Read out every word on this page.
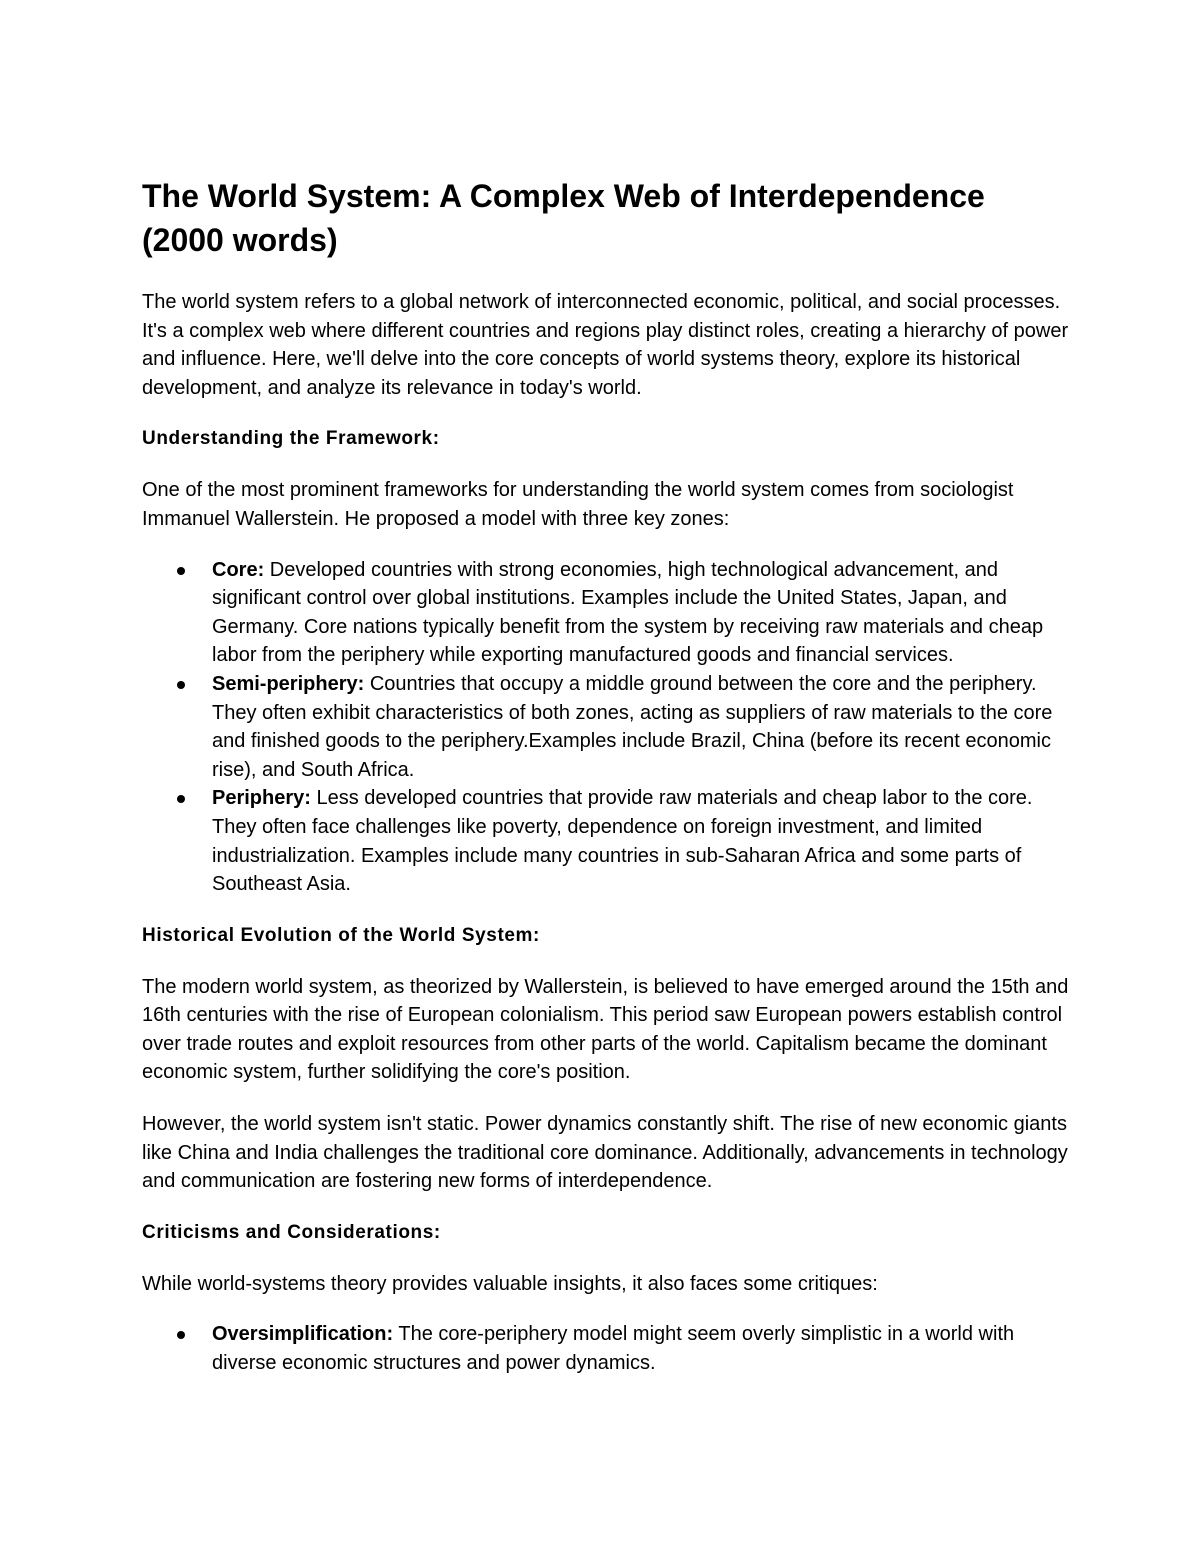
The World System: A Complex Web of Interdependence (2000 words)

The world system refers to a global network of interconnected economic, political, and social processes. It's a complex web where different countries and regions play distinct roles, creating a hierarchy of power and influence. Here, we'll delve into the core concepts of world systems theory, explore its historical development, and analyze its relevance in today's world.

Understanding the Framework:

One of the most prominent frameworks for understanding the world system comes from sociologist Immanuel Wallerstein. He proposed a model with three key zones:

Core: Developed countries with strong economies, high technological advancement, and significant control over global institutions. Examples include the United States, Japan, and Germany. Core nations typically benefit from the system by receiving raw materials and cheap labor from the periphery while exporting manufactured goods and financial services.
Semi-periphery: Countries that occupy a middle ground between the core and the periphery. They often exhibit characteristics of both zones, acting as suppliers of raw materials to the core and finished goods to the periphery.Examples include Brazil, China (before its recent economic rise), and South Africa.
Periphery: Less developed countries that provide raw materials and cheap labor to the core. They often face challenges like poverty, dependence on foreign investment, and limited industrialization. Examples include many countries in sub-Saharan Africa and some parts of Southeast Asia.
Historical Evolution of the World System:

The modern world system, as theorized by Wallerstein, is believed to have emerged around the 15th and 16th centuries with the rise of European colonialism. This period saw European powers establish control over trade routes and exploit resources from other parts of the world. Capitalism became the dominant economic system, further solidifying the core's position.

However, the world system isn't static. Power dynamics constantly shift. The rise of new economic giants like China and India challenges the traditional core dominance. Additionally, advancements in technology and communication are fostering new forms of interdependence.

Criticisms and Considerations:

While world-systems theory provides valuable insights, it also faces some critiques:

Oversimplification: The core-periphery model might seem overly simplistic in a world with diverse economic structures and power dynamics.
